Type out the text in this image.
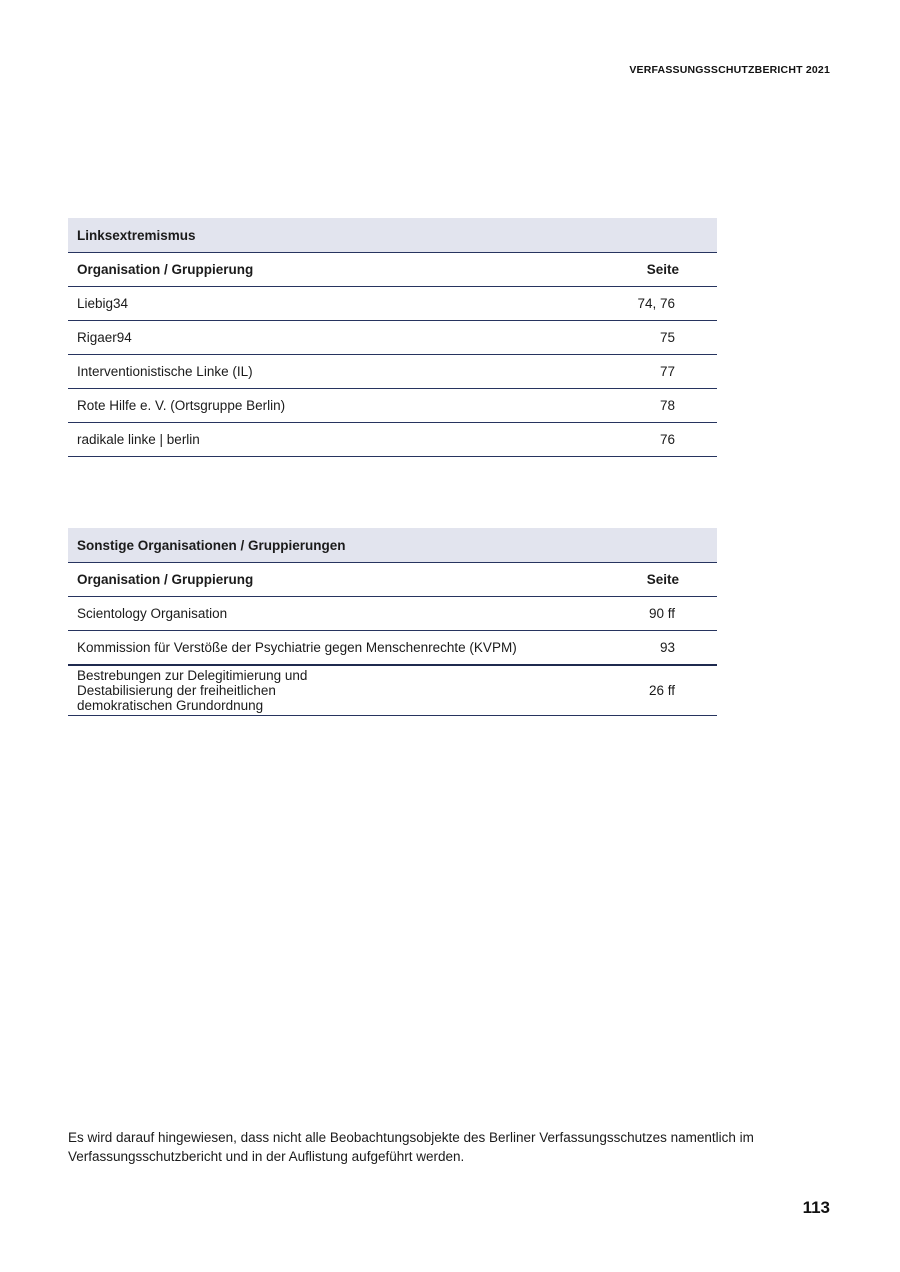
VERFASSUNGSSCHUTZBERICHT 2021
Linksextremismus	
Organisation / Gruppierung	Seite
Liebig34	74, 76
Rigaer94	75
Interventionistische Linke (IL)	77
Rote Hilfe e. V. (Ortsgruppe Berlin)	78
radikale linke | berlin	76
Sonstige Organisationen / Gruppierungen	
Organisation / Gruppierung	Seite
Scientology Organisation	90 ff
Kommission für Verstöße der Psychiatrie gegen Menschenrechte (KVPM)	93
Bestrebungen zur Delegitimierung und Destabilisierung der freiheitlichen demokratischen Grundordnung	26 ff
Es wird darauf hingewiesen, dass nicht alle Beobachtungsobjekte des Berliner Verfassungsschutzes namentlich im Verfassungsschutzbericht und in der Auflistung aufgeführt werden.
113
